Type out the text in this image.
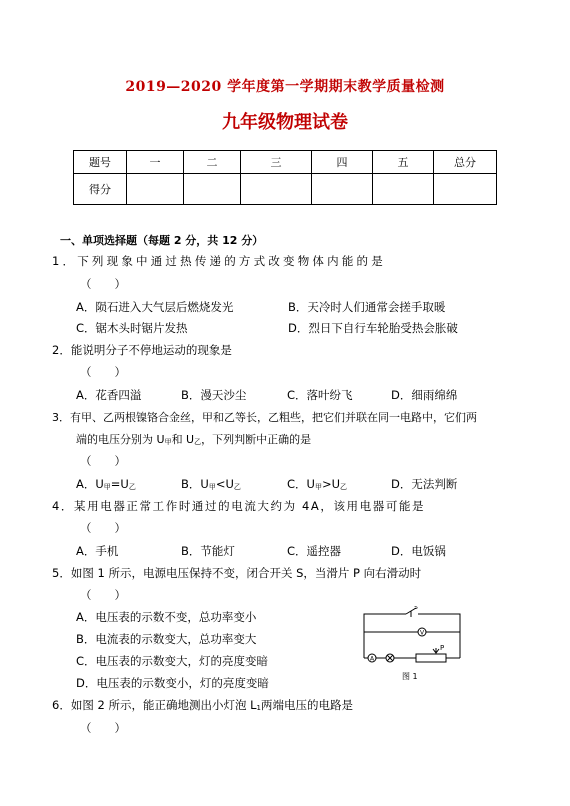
2019—2020 学年度第一学期期末教学质量检测
九年级物理试卷
题号	一	二	三	四	五	总分
得分						
一、单项选择题（每题 2 分，共 12 分）
1．下列现象中通过热传递的方式改变物体内能的是
（　　）
A．陨石进入大气层后燃烧发光	B．天冷时人们通常会搓手取暖
C．锯木头时锯片发热	D．烈日下自行车轮胎受热会胀破
2．能说明分子不停地运动的现象是
（　　）
A．花香四溢	B．漫天沙尘	C．落叶纷飞	D．细雨绵绵
3．有甲、乙两根镍铬合金丝，甲和乙等长，乙粗些，把它们并联在同一电路中，它们两
端的电压分别为 U甲和 U乙，下列判断中正确的是
（　　）
A．U甲=U乙	B．U甲<U乙	C．U甲>U乙	D．无法判断
4．某用电器正常工作时通过的电流大约为 4A，该用电器可能是
（　　）
A．手机	B．节能灯	C．遥控器	D．电饭锅
5．如图 1 所示，电源电压保持不变，闭合开关 S，当滑片 P 向右滑动时
（　　）
A．电压表的示数不变，总功率变小
B．电流表的示数变大，总功率变大
C．电压表的示数变大，灯的亮度变暗
D．电压表的示数变小，灯的亮度变暗
S
V
A
P
图 1
6．如图 2 所示，能正确地测出小灯泡 L1两端电压的电路是
（　　）
